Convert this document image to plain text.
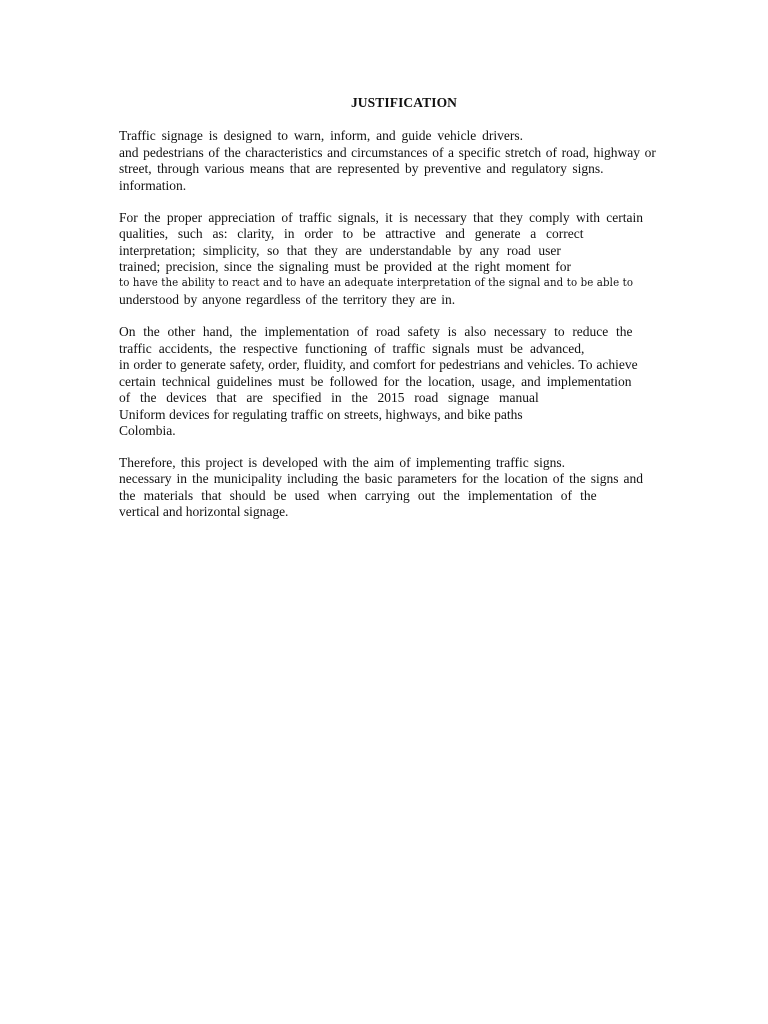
JUSTIFICATION
Traffic signage is designed to warn, inform, and guide vehicle drivers.
and pedestrians of the characteristics and circumstances of a specific stretch of road, highway or
street, through various means that are represented by preventive and regulatory signs.
information.
For the proper appreciation of traffic signals, it is necessary that they comply with certain
qualities, such as: clarity, in order to be attractive and generate a correct
interpretation; simplicity, so that they are understandable by any road user
trained; precision, since the signaling must be provided at the right moment for
to have the ability to react and to have an adequate interpretation of the signal and to be able to
understood by anyone regardless of the territory they are in.
On the other hand, the implementation of road safety is also necessary to reduce the
traffic accidents, the respective functioning of traffic signals must be advanced,
in order to generate safety, order, fluidity, and comfort for pedestrians and vehicles. To achieve
certain technical guidelines must be followed for the location, usage, and implementation
of the devices that are specified in the 2015 road signage manual
Uniform devices for regulating traffic on streets, highways, and bike paths
Colombia.
Therefore, this project is developed with the aim of implementing traffic signs.
necessary in the municipality including the basic parameters for the location of the signs and
the materials that should be used when carrying out the implementation of the
vertical and horizontal signage.
